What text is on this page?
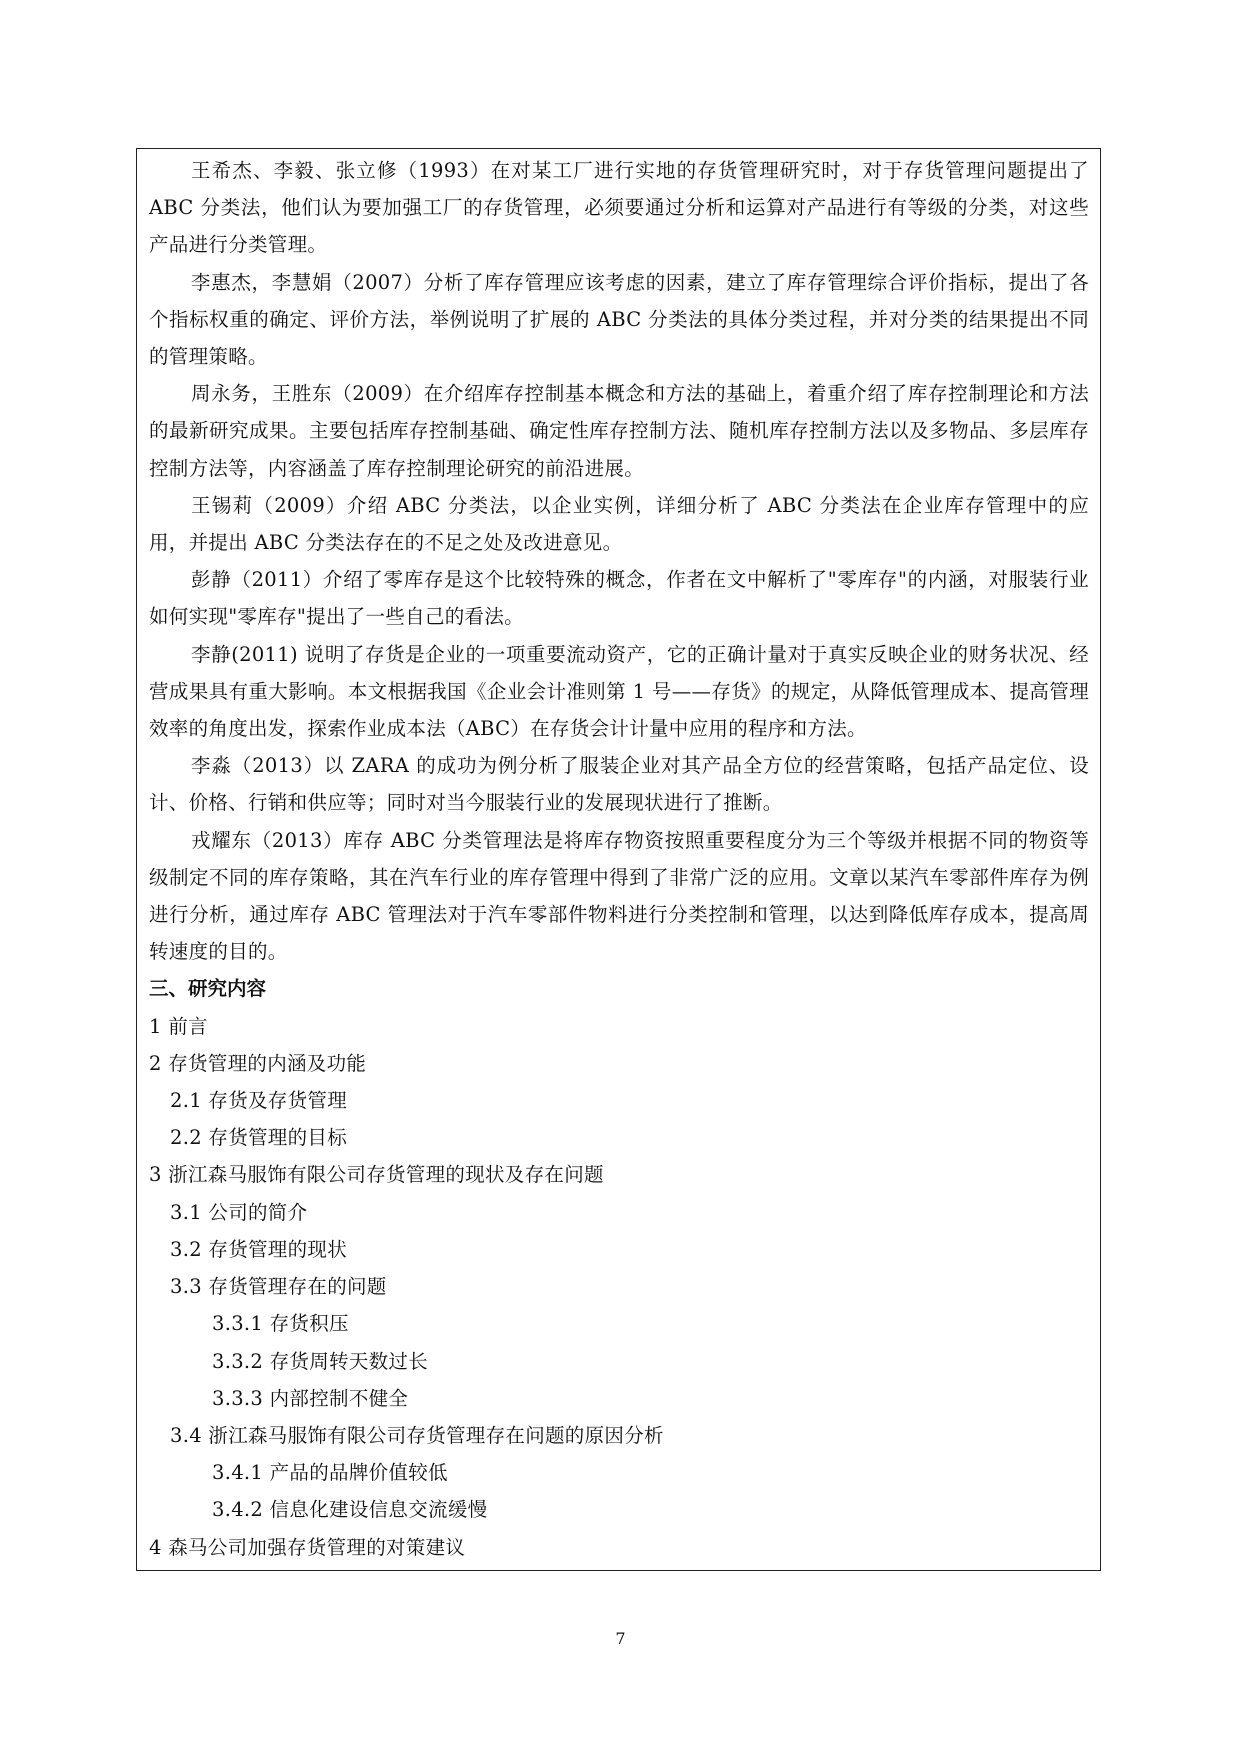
王希杰、李毅、张立修（1993）在对某工厂进行实地的存货管理研究时，对于存货管理问题提出了 ABC 分类法，他们认为要加强工厂的存货管理，必须要通过分析和运算对产品进行有等级的分类，对这些产品进行分类管理。

李惠杰，李慧娟（2007）分析了库存管理应该考虑的因素，建立了库存管理综合评价指标，提出了各个指标权重的确定、评价方法，举例说明了扩展的 ABC 分类法的具体分类过程，并对分类的结果提出不同的管理策略。

周永务，王胜东（2009）在介绍库存控制基本概念和方法的基础上，着重介绍了库存控制理论和方法的最新研究成果。主要包括库存控制基础、确定性库存控制方法、随机库存控制方法以及多物品、多层库存控制方法等，内容涵盖了库存控制理论研究的前沿进展。

王锡莉（2009）介绍 ABC 分类法，以企业实例，详细分析了 ABC 分类法在企业库存管理中的应用，并提出 ABC 分类法存在的不足之处及改进意见。

彭静（2011）介绍了零库存是这个比较特殊的概念，作者在文中解析了"零库存"的内涵，对服装行业如何实现"零库存"提出了一些自己的看法。

李静(2011) 说明了存货是企业的一项重要流动资产，它的正确计量对于真实反映企业的财务状况、经营成果具有重大影响。本文根据我国《企业会计准则第 1 号——存货》的规定，从降低管理成本、提高管理效率的角度出发，探索作业成本法（ABC）在存货会计计量中应用的程序和方法。

李淼（2013）以 ZARA 的成功为例分析了服装企业对其产品全方位的经营策略，包括产品定位、设计、价格、行销和供应等；同时对当今服装行业的发展现状进行了推断。

戎耀东（2013）库存 ABC 分类管理法是将库存物资按照重要程度分为三个等级并根据不同的物资等级制定不同的库存策略，其在汽车行业的库存管理中得到了非常广泛的应用。文章以某汽车零部件库存为例进行分析，通过库存 ABC 管理法对于汽车零部件物料进行分类控制和管理，以达到降低库存成本，提高周转速度的目的。

三、研究内容

1 前言

2 存货管理的内涵及功能

2.1 存货及存货管理

2.2 存货管理的目标

3 浙江森马服饰有限公司存货管理的现状及存在问题

3.1 公司的简介

3.2 存货管理的现状

3.3 存货管理存在的问题

3.3.1 存货积压

3.3.2 存货周转天数过长

3.3.3 内部控制不健全

3.4 浙江森马服饰有限公司存货管理存在问题的原因分析

3.4.1 产品的品牌价值较低

3.4.2 信息化建设信息交流缓慢

4 森马公司加强存货管理的对策建议

7
